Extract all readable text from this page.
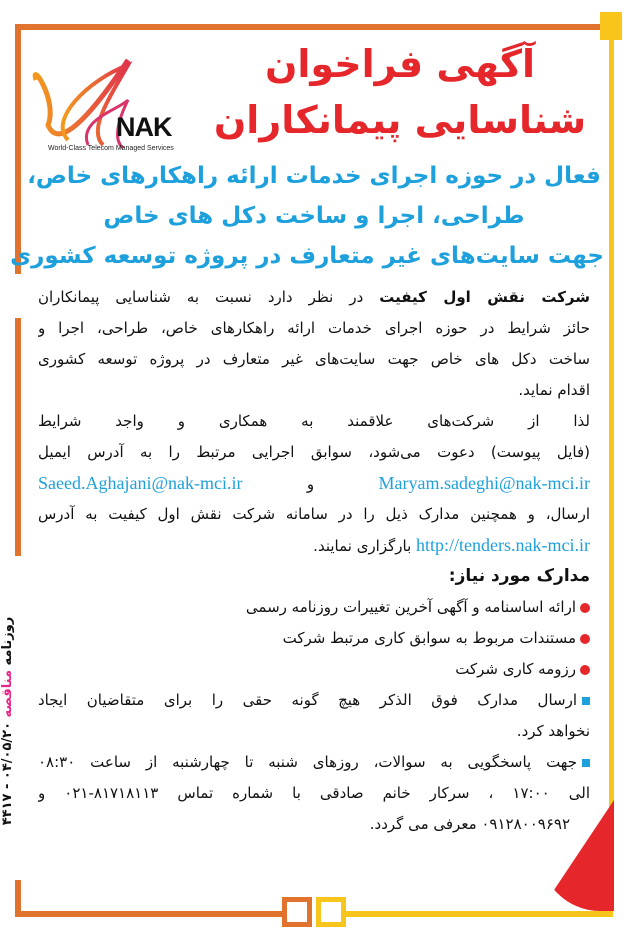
NAK
World-Class Telecom Managed Services
آگهی فراخوان
شناسایی پیمانکاران
فعال در حوزه اجرای خدمات ارائه راهکارهای خاص،
طراحی، اجرا و ساخت دکل های خاص
جهت سایت‌های غیر متعارف در پروژه توسعه کشوری
شرکت نقش اول کیفیت در نظر دارد نسبت به شناسایی پیمانکاران
حائز شرایط در حوزه اجرای خدمات ارائه راهکارهای خاص، طراحی، اجرا و
ساخت دکل های خاص جهت سایت‌های غیر متعارف در پروژه توسعه کشوری
اقدام نماید.
لذا از شرکت‌های علاقمند به همکاری و واجد شرایط
(فایل پیوست) دعوت می‌شود، سوابق اجرایی مرتبط را به آدرس ایمیل
Maryam.sadeghi@nak-mci.ir و Saeed.Aghajani@nak-mci.ir
ارسال، و همچنین مدارک ذیل را در سامانه شرکت نقش اول کیفیت به آدرس
http://tenders.nak-mci.ir بارگزاری نمایند.
مدارک مورد نیاز:
ارائه اساسنامه و آگهی آخرین تغییرات روزنامه رسمی
مستندات مربوط به سوابق کاری مرتبط شرکت
رزومه کاری شرکت
ارسال مدارک فوق الذکر هیچ گونه حقی را برای متقاضیان ایجاد
نخواهد کرد.
جهت پاسخگویی به سوالات، روزهای شنبه تا چهارشنبه از ساعت ۰۸:۳۰
الی ۱۷:۰۰ ، سرکار خانم صادقی با شماره تماس ۸۱۷۱۸۱۱۳-۰۲۱ و
۰۹۱۲۸۰۰۹۶۹۲ معرفی می گردد.
روزنامه مناقصه ۰۴/۰۵/۲۰ - ۴۴۱۷
